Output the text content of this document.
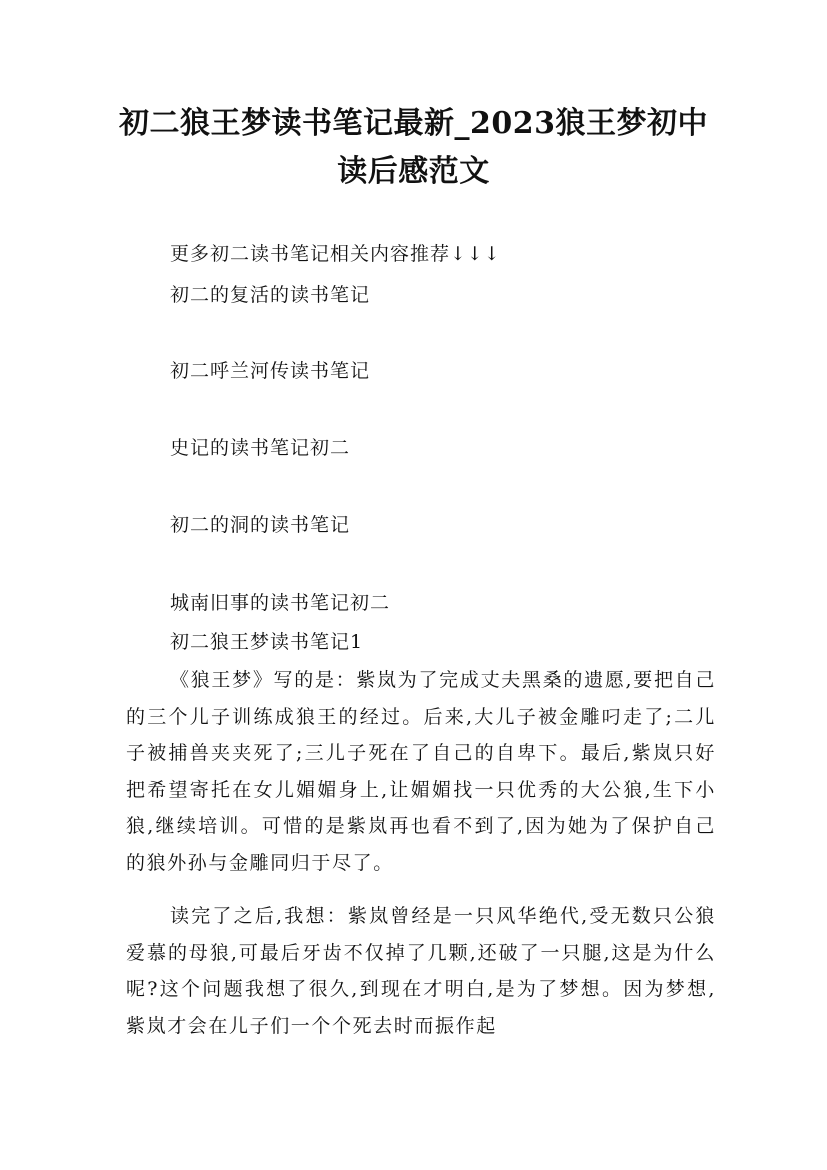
初二狼王梦读书笔记最新_2023狼王梦初中
读后感范文
更多初二读书笔记相关内容推荐↓↓↓
初二的复活的读书笔记
初二呼兰河传读书笔记
史记的读书笔记初二
初二的洞的读书笔记
城南旧事的读书笔记初二
初二狼王梦读书笔记1

《狼王梦》写的是：紫岚为了完成丈夫黑桑的遗愿,要把自己的三个儿子训练成狼王的经过。后来,大儿子被金雕叼走了;二儿子被捕兽夹夹死了;三儿子死在了自己的自卑下。最后,紫岚只好把希望寄托在女儿媚媚身上,让媚媚找一只优秀的大公狼,生下小狼,继续培训。可惜的是紫岚再也看不到了,因为她为了保护自己的狼外孙与金雕同归于尽了。

读完了之后,我想：紫岚曾经是一只风华绝代,受无数只公狼爱慕的母狼,可最后牙齿不仅掉了几颗,还破了一只腿,这是为什么呢?这个问题我想了很久,到现在才明白,是为了梦想。因为梦想,紫岚才会在儿子们一个个死去时而振作起
